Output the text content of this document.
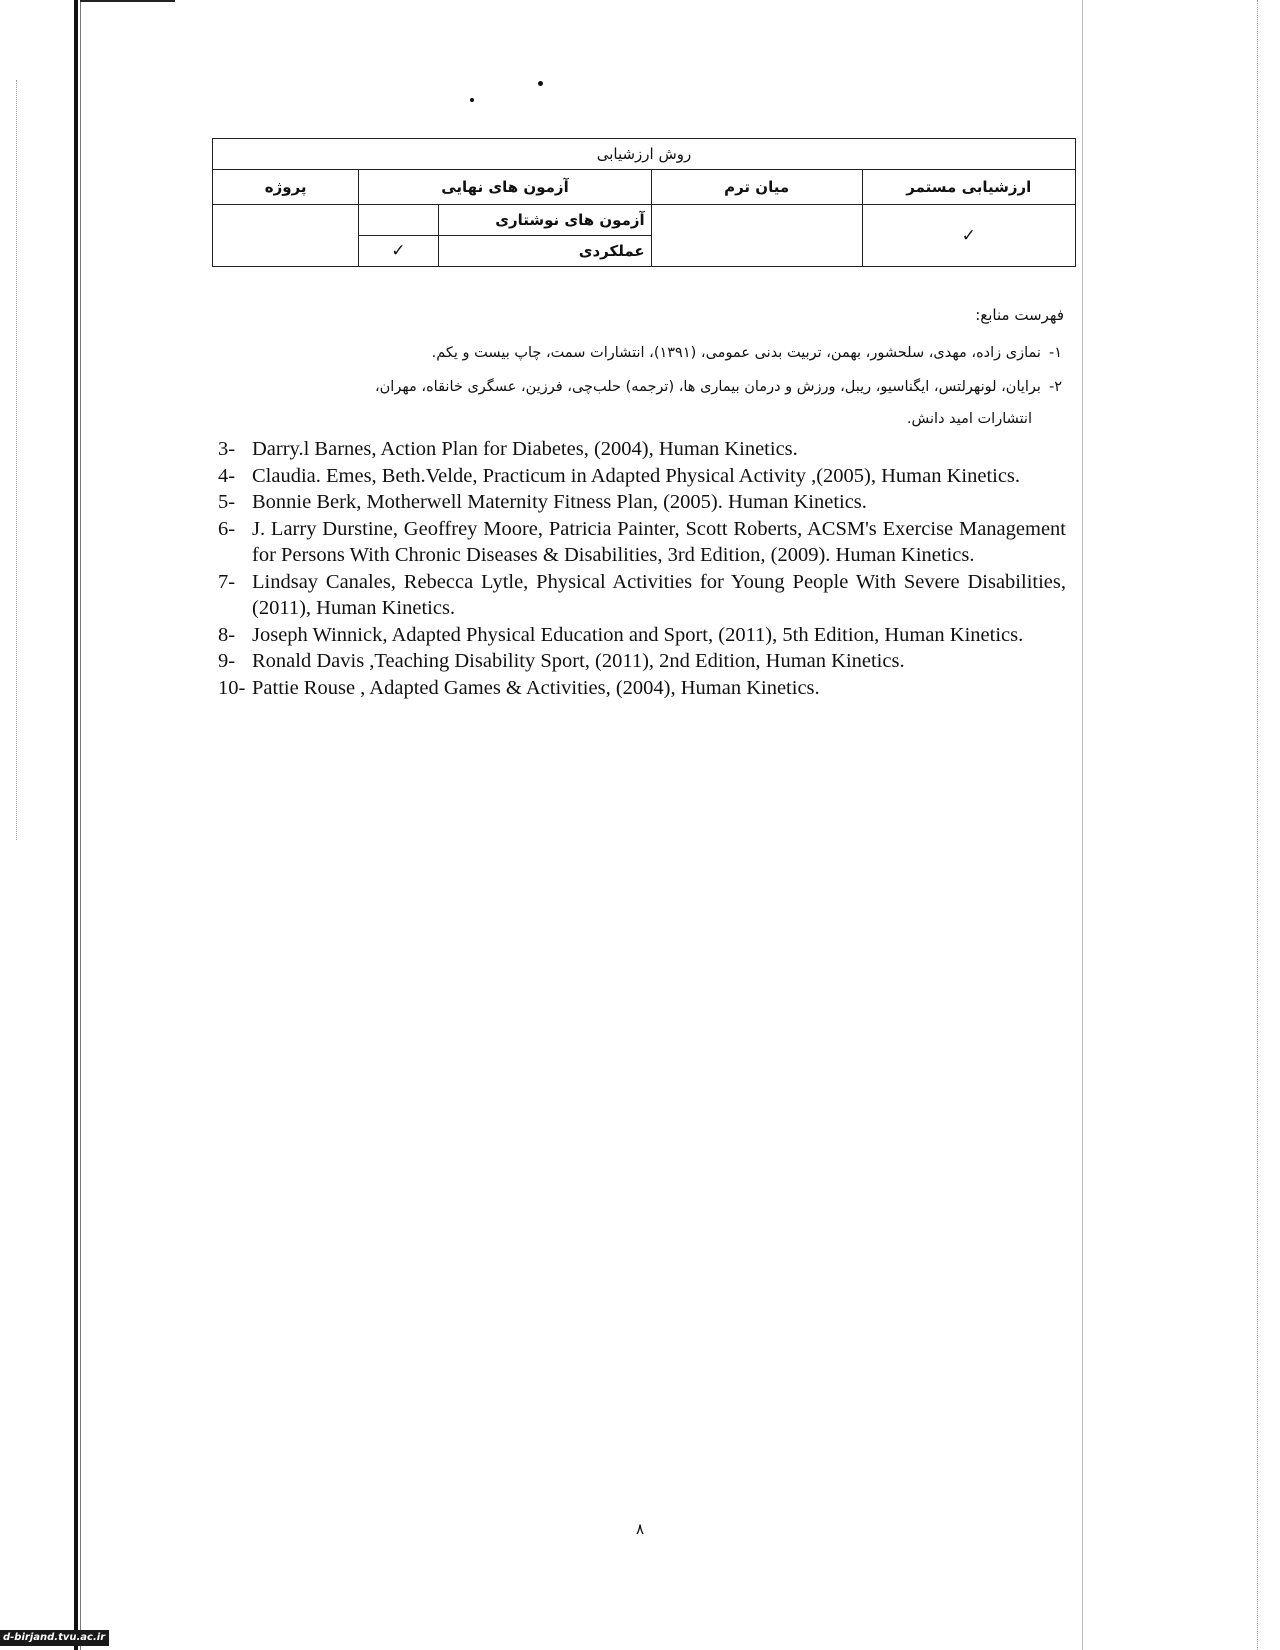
روش ارزشیابی				
ارزشیابی مستمر	میان ترم	آزمون های نهایی		پروژه
✓		آزمون های نوشتاری		
		عملکردی	✓	
فهرست منابع:
۱-نمازی زاده، مهدی، سلحشور، بهمن، تربیت بدنی عمومی، (۱۳۹۱)، انتشارات سمت، چاپ بیست و یکم.
۲-برایان، لونهرلتس، ایگناسیو، ریبل، ورزش و درمان بیماری ها، (ترجمه) حلب‌چی، فرزین، عسگری خانقاه، مهران،
انتشارات امید دانش.
3- Darry.l Barnes, Action Plan for Diabetes, (2004), Human Kinetics.
4- Claudia. Emes, Beth.Velde, Practicum in Adapted Physical Activity ,(2005), Human Kinetics.
5- Bonnie Berk, Motherwell Maternity Fitness Plan, (2005). Human Kinetics.
6- J. Larry Durstine, Geoffrey Moore, Patricia Painter, Scott Roberts, ACSM's Exercise Management for Persons With Chronic Diseases & Disabilities, 3rd Edition, (2009). Human Kinetics.
7- Lindsay Canales, Rebecca Lytle, Physical Activities for Young People With Severe Disabilities, (2011), Human Kinetics.
8- Joseph Winnick, Adapted Physical Education and Sport, (2011), 5th Edition, Human Kinetics.
9- Ronald Davis ,Teaching Disability Sport, (2011), 2nd Edition, Human Kinetics.
10- Pattie Rouse , Adapted Games & Activities, (2004), Human Kinetics.
۸
d-birjand.tvu.ac.ir
